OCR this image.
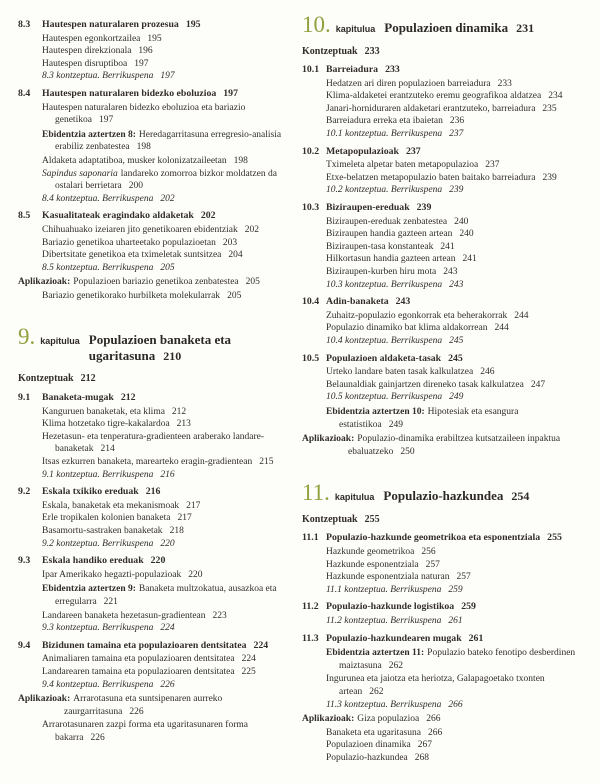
8.3 Hautespen naturalaren prozesua 195
Hautespen egonkortzailea 195
Hautespen direkzionala 196
Hautespen disruptiboa 197
8.3 kontzeptua. Berrikuspena 197
8.4 Hautespen naturalaren bidezko eboluzioa 197
Hautespen naturalaren bidezko eboluzioa eta bariazio genetikoa 197
Ebidentzia aztertzen 8: Heredagarritasuna erregresio-analisia erabiliz zenbatestea 198
Aldaketa adaptatiboa, musker kolonizatzaileetan 198
Sapindus saponaria landareko zomorroa bizkor moldatzen da ostalari berrietara 200
8.4 kontzeptua. Berrikuspena 202
8.5 Kasualitateak eragindako aldaketak 202
Chihuahuako izeiaren jito genetikoaren ebidentziak 202
Bariazio genetikoa uharteetako populazioetan 203
Dibertsitate genetikoa eta tximeletak suntsitzea 204
8.5 kontzeptua. Berrikuspena 205
Aplikazioak: Populazioen bariazio genetikoa zenbatestea 205
Bariazio genetikorako hurbilketa molekularrak 205
9. kapitulua Populazioen banaketa eta ugaritasuna 210
Kontzeptuak 212
9.1 Banaketa-mugak 212
Kanguruen banaketak, eta klima 212
Klima hotzetako tigre-kakalardoa 213
Hezetasun- eta tenperatura-gradienteen araberako landare-banaketak 214
Itsas ezkurren banaketa, marearteko eragin-gradientean 215
9.1 kontzeptua. Berrikuspena 216
9.2 Eskala txikiko ereduak 216
Eskala, banaketak eta mekanismoak 217
Erle tropikalen kolonien banaketa 217
Basamortu-sastraken banaketak 218
9.2 kontzeptua. Berrikuspena 220
9.3 Eskala handiko ereduak 220
Ipar Amerikako hegazti-populazioak 220
Ebidentzia aztertzen 9: Banaketa multzokatua, ausazkoa eta erregularra 221
Landareen banaketa hezetasun-gradientean 223
9.3 kontzeptua. Berrikuspena 224
9.4 Bizidunen tamaina eta populazioaren dentsitatea 224
Animaliaren tamaina eta populazioaren dentsitatea 224
Landarearen tamaina eta populazioaren dentsitatea 225
9.4 kontzeptua. Berrikuspena 226
Aplikazioak: Arrarotasuna eta suntsipenaren aurreko zaurgarritasuna 226
Arrarotasunaren zazpi forma eta ugaritasunaren forma bakarra 226
10. kapitulua Populazioen dinamika 231
Kontzeptuak 233
10.1 Barreiadura 233
Hedatzen ari diren populazioen barreiadura 233
Klima-aldaketei erantzuteko eremu geografikoa aldatzea 234
Janari-horniduraren aldaketari erantzuteko, barreiadura 235
Barreiadura erreka eta ibaietan 236
10.1 kontzeptua. Berrikuspena 237
10.2 Metapopulazioak 237
Tximeleta alpetar baten metapopulazioa 237
Etxe-belatzen metapopulazio baten baitako barreiadura 239
10.2 kontzeptua. Berrikuspena 239
10.3 Biziraupen-ereduak 239
Biziraupen-ereduak zenbatestea 240
Biziraupen handia gazteen artean 240
Biziraupen-tasa konstanteak 241
Hilkortasun handia gazteen artean 241
Biziraupen-kurben hiru mota 243
10.3 kontzeptua. Berrikuspena 243
10.4 Adin-banaketa 243
Zuhaitz-populazio egonkorrak eta beherakorrak 244
Populazio dinamiko bat klima aldakorrean 244
10.4 kontzeptua. Berrikuspena 245
10.5 Populazioen aldaketa-tasak 245
Urteko landare baten tasak kalkulatzea 246
Belaunaldiak gainjartzen direneko tasak kalkulatzea 247
10.5 kontzeptua. Berrikuspena 249
Ebidentzia aztertzen 10: Hipotesiak eta esangura estatistikoa 249
Aplikazioak: Populazio-dinamika erabiltzea kutsatzaileen inpaktua ebaluatzeko 250
11. kapitulua Populazio-hazkundea 254
Kontzeptuak 255
11.1 Populazio-hazkunde geometrikoa eta esponentziala 255
Hazkunde geometrikoa 256
Hazkunde esponentziala 257
Hazkunde esponentziala naturan 257
11.1 kontzeptua. Berrikuspena 259
11.2 Populazio-hazkunde logistikoa 259
11.2 kontzeptua. Berrikuspena 261
11.3 Populazio-hazkundearen mugak 261
Ebidentzia aztertzen 11: Populazio bateko fenotipo desberdinen maiztasuna 262
Ingurunea eta jaiotza eta heriotza, Galapagoetako txonten artean 262
11.3 kontzeptua. Berrikuspena 266
Aplikazioak: Giza populazioa 266
Banaketa eta ugaritasuna 266
Populazioen dinamika 267
Populazio-hazkundea 268
